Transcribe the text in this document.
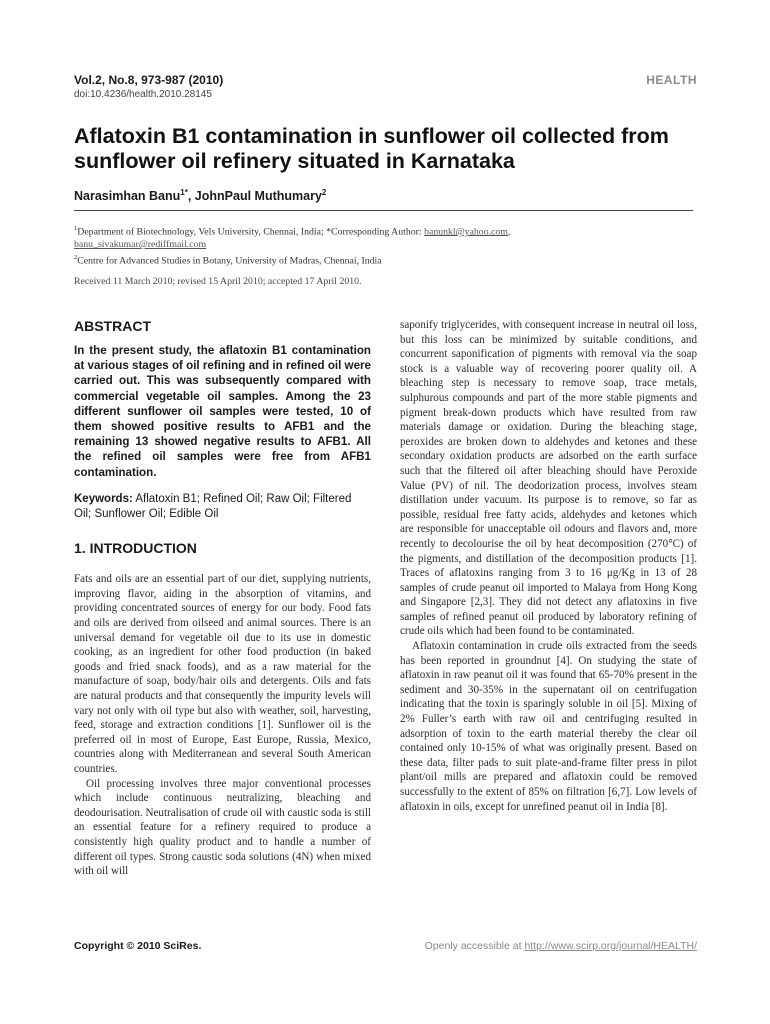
Vol.2, No.8, 973-987 (2010)
doi:10.4236/health.2010.28145
HEALTH
Aflatoxin B1 contamination in sunflower oil collected from sunflower oil refinery situated in Karnataka
Narasimhan Banu$^{1*}$, JohnPaul Muthumary$^2$
$^1$Department of Biotechnology, Vels University, Chennai, India; *Corresponding Author: banunkl@yahoo.com,
banu_sivakumar@rediffmail.com
$^2$Centre for Advanced Studies in Botany, University of Madras, Chennai, India
Received 11 March 2010; revised 15 April 2010; accepted 17 April 2010.
ABSTRACT
In the present study, the aflatoxin B1 contamination at various stages of oil refining and in refined oil were carried out. This was subsequently compared with commercial vegetable oil samples. Among the 23 different sunflower oil samples were tested, 10 of them showed positive results to AFB1 and the remaining 13 showed negative results to AFB1. All the refined oil samples were free from AFB1 contamination.
Keywords: Aflatoxin B1; Refined Oil; Raw Oil; Filtered Oil; Sunflower Oil; Edible Oil
1. INTRODUCTION

Fats and oils are an essential part of our diet, supplying nutrients, improving flavor, aiding in the absorption of vitamins, and providing concentrated sources of energy for our body. Food fats and oils are derived from oilseed and animal sources. There is an universal demand for vegetable oil due to its use in domestic cooking, as an ingredient for other food production (in baked goods and fried snack foods), and as a raw material for the manufacture of soap, body/hair oils and detergents. Oils and fats are natural products and that consequently the impurity levels will vary not only with oil type but also with weather, soil, harvesting, feed, storage and extraction conditions [1]. Sunflower oil is the preferred oil in most of Europe, East Europe, Russia, Mexico, countries along with Mediterranean and several South American countries.

Oil processing involves three major conventional processes which include continuous neutralizing, bleaching and deodourisation. Neutralisation of crude oil with caustic soda is still an essential feature for a refinery required to produce a consistently high quality product and to handle a number of different oil types. Strong caustic soda solutions (4N) when mixed with oil will

saponify triglycerides, with consequent increase in neutral oil loss, but this loss can be minimized by suitable conditions, and concurrent saponification of pigments with removal via the soap stock is a valuable way of recovering poorer quality oil. A bleaching step is necessary to remove soap, trace metals, sulphurous compounds and part of the more stable pigments and pigment break-down products which have resulted from raw materials damage or oxidation. During the bleaching stage, peroxides are broken down to aldehydes and ketones and these secondary oxidation products are adsorbed on the earth surface such that the filtered oil after bleaching should have Peroxide Value (PV) of nil. The deodorization process, involves steam distillation under vacuum. Its purpose is to remove, so far as possible, residual free fatty acids, aldehydes and ketones which are responsible for unacceptable oil odours and flavors and, more recently to decolourise the oil by heat decomposition (270°C) of the pigments, and distillation of the decomposition products [1]. Traces of aflatoxins ranging from 3 to 16 μg/Kg in 13 of 28 samples of crude peanut oil imported to Malaya from Hong Kong and Singapore [2,3]. They did not detect any aflatoxins in five samples of refined peanut oil produced by laboratory refining of crude oils which had been found to be contaminated.

Aflatoxin contamination in crude oils extracted from the seeds has been reported in groundnut [4]. On studying the state of aflatoxin in raw peanut oil it was found that 65-70% present in the sediment and 30-35% in the supernatant oil on centrifugation indicating that the toxin is sparingly soluble in oil [5]. Mixing of 2% Fuller’s earth with raw oil and centrifuging resulted in adsorption of toxin to the earth material thereby the clear oil contained only 10-15% of what was originally present. Based on these data, filter pads to suit plate-and-frame filter press in pilot plant/oil mills are prepared and aflatoxin could be removed successfully to the extent of 85% on filtration [6,7]. Low levels of aflatoxin in oils, except for unrefined peanut oil in India [8].

Copyright © 2010 SciRes.	Openly accessible at http://www.scirp.org/journal/HEALTH/
